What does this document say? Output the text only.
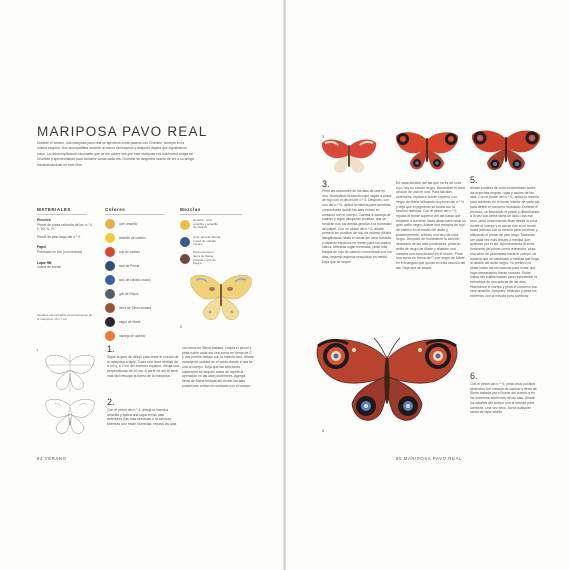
MARIPOSA PAVO REAL
Durante el verano, una mariposa pavo real se aproximó a mis paseos con Grumble, siempre en la misma esquina. Nos acompañaba durante un tramo del trayecto y después dejaba que siguiéramos solos. La única explicación razonable que se me ocurre era que esta mariposa era una buena amiga de Grumble y aprovechaban para contarse cosas cada día. Grumble se despedía mucho de ver a su amiga transformándose en este libro.
MATERIALES
Pinceles
Pincel de punta redonda de los n.º 4, 0, 00, ¾, ½
Pincel de pelo largo del n.º 0.
Papel
Prensado en frío (con textura)
Lápiz HB
Goma de borrar
Medidas aproximadas de la ilustración de la mariposa: 10 x 7 cm
Colores
ocre amarillo
amarillo de cadmio
rojo de cadmio
azul de Prusia
azul de cobalto oscuro
gris de Payne
tierra de Siena tostada
negro de Marte
naranja de cadmio
Mezclas
Amarillo: ocre amarillo y amarillo de cadmio
Azul: azul de Prusia y azul de cobalto oscuro
Para oscurecer tierra de Siena tostada y gris de Payne
2
1	1.
Sigue la guía de dibujo para crear el cuerpo de la mariposa a lápiz. Traza una línea vertical de 6 cm y, a 2 cm del extremo superior, dibuja una perpendicular de 10 cm. A partir de ahí te será más fácil encajar la forma de la mariposa.
2.
Con el pincel del n.º 4, dibuja la mancha amarilla y aplica una capa en las alas anteriores (las más cercanas a la cabeza). Mientras aún están húmedas, repasa las alas
con tierra de Siena tostada. Limpia el pincel y pinta sobre cada ala una curva en forma de C y dos puntos debajo con la mezcla azul. Añade naranja de cadmio en el punto donde el ala se una al cuerpo. Deja que las secciones superiores se sequen antes de repetir la operación en las alas posteriores. Agrega tierra de Siena tostada allí donde las alas posteriores entran en contacto con el cuerpo.
84 VERANO
3
3.
Pinta las secciones de las alas de una en una. Humedece la sección que vayas a pintar de rojo con el pincel del n.º 4. Después, con uno del n.º ½, aplica la mezcla para sombras concentrada donde las alas entran en contacto con el cuerpo. Cambia a naranja de cadmio y sigue dibujando puntitos, que se fundirán con los demás gracias a la humedad del papel. Con un pincel del n.º 0, añade primero los puntitos de rojo de cadmio diluido alargándolas hasta el borde del área húmeda y dejando espacios en medio para los puntos claros. Mientras sigan húmedas, pinta más franjas de rojo de cadmio concentrado por los alas, dejando algunos resquicios en medio. Deja que se seque.
En cada sección del ala que no es de color rojo, hay un círculo negro. Humedece el área circular de una en una. Para las alas anteriores, repasa el borde superior con negro de Marte utilizando un pincel del n.º ½ y deja que el pigmento se funda con la sección húmeda. Con el pincel del n.º 0, repasa el borde superior del ala hasta que empiece a curvarse hacia abajo para crear un gran anillo negro. Añade una mancha de rojo de cadmio en el medio del anillo y, posteriormente, cúbrelo con otro de color negro. Después de humedecer la sección necesaria de las alas posteriores, pinta un anillo de negro de Marte y añádele una mancha con mezcla azul en el centro. Pinta una curva en forma de C con negro de Marte en el triángulo que queda en esta sección del ala. Deja que se seque.
5.
Añade puntitos de color concentrado sobre las manchas negras, rojas y azules de las alas. Con el pincel del n.º ½, aplica la mezcla para sombras en el borde interior de cada ala para definir el contorno ondulado. Durante el proceso, ve limpiando el pincel y difuminando a la vez con tierra siena un lado. Usa ese tono, pinta unas marcas finas desde la zona donde el cuerpo y el ala se une en el borde hacia adentro con la mezcla para sombras y utilizando el pincel de pelo largo. Debieran ser cada vez más tenues a medida que avanzan por el ala. Aprovechando la línea horizontal del pincel como referencia, pinta una serie de pinceladas hacia el cuerpo, de manera que se cambiaba a medida que llega al detalle del anillo negro. Yo prefiero no pintar todas las nervaduras para evitar que haya demasiados líneas oscuras. Estas líneas tan sutiles bastan para representar la estructura de nervaduras de las alas. Humedece el cuerpo y pinta el contorno con ocre amarillo. Después, rellénalo y pinta los extremos con la mezcla para sombras.
6.
Con el pincel del n.º ½, pinta unos puntitos diminutos con naranja de cadmio y tierra de Siena tostada por el borde del cuerpo y en los extremos anteriores de las alas. Añade los detalles del cuerpo con la mezcla para sombras. Una vez seco, borra cualquier rastro de lápiz visible.
6
85 MARIPOSA PAVO REAL
